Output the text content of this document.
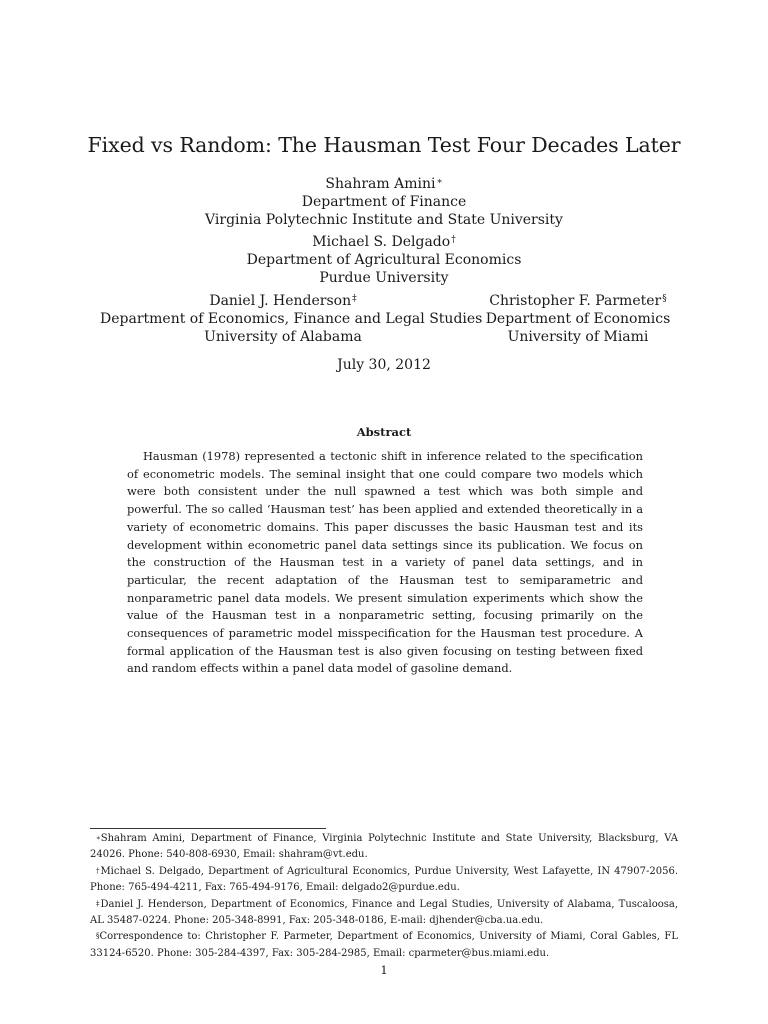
Fixed vs Random: The Hausman Test Four Decades Later
Shahram Amini∗
Department of Finance
Virginia Polytechnic Institute and State University
Michael S. Delgado†
Department of Agricultural Economics
Purdue University
Daniel J. Henderson‡
Department of Economics, Finance and Legal Studies
University of Alabama
Christopher F. Parmeter§
Department of Economics
University of Miami
July 30, 2012
Abstract
Hausman (1978) represented a tectonic shift in inference related to the specification of econometric models. The seminal insight that one could compare two models which were both consistent under the null spawned a test which was both simple and powerful. The so called ‘Hausman test’ has been applied and extended theoretically in a variety of econometric domains. This paper discusses the basic Hausman test and its development within econometric panel data settings since its publication. We focus on the construction of the Hausman test in a variety of panel data settings, and in particular, the recent adaptation of the Hausman test to semiparametric and nonparametric panel data models. We present simulation experiments which show the value of the Hausman test in a nonparametric setting, focusing primarily on the consequences of parametric model misspecification for the Hausman test procedure. A formal application of the Hausman test is also given focusing on testing between fixed and random effects within a panel data model of gasoline demand.
∗Shahram Amini, Department of Finance, Virginia Polytechnic Institute and State University, Blacksburg, VA 24026. Phone: 540-808-6930, Email: shahram@vt.edu.
†Michael S. Delgado, Department of Agricultural Economics, Purdue University, West Lafayette, IN 47907-2056. Phone: 765-494-4211, Fax: 765-494-9176, Email: delgado2@purdue.edu.
‡Daniel J. Henderson, Department of Economics, Finance and Legal Studies, University of Alabama, Tuscaloosa, AL 35487-0224. Phone: 205-348-8991, Fax: 205-348-0186, E-mail: djhender@cba.ua.edu.
§Correspondence to: Christopher F. Parmeter, Department of Economics, University of Miami, Coral Gables, FL 33124-6520. Phone: 305-284-4397, Fax: 305-284-2985, Email: cparmeter@bus.miami.edu.
1
